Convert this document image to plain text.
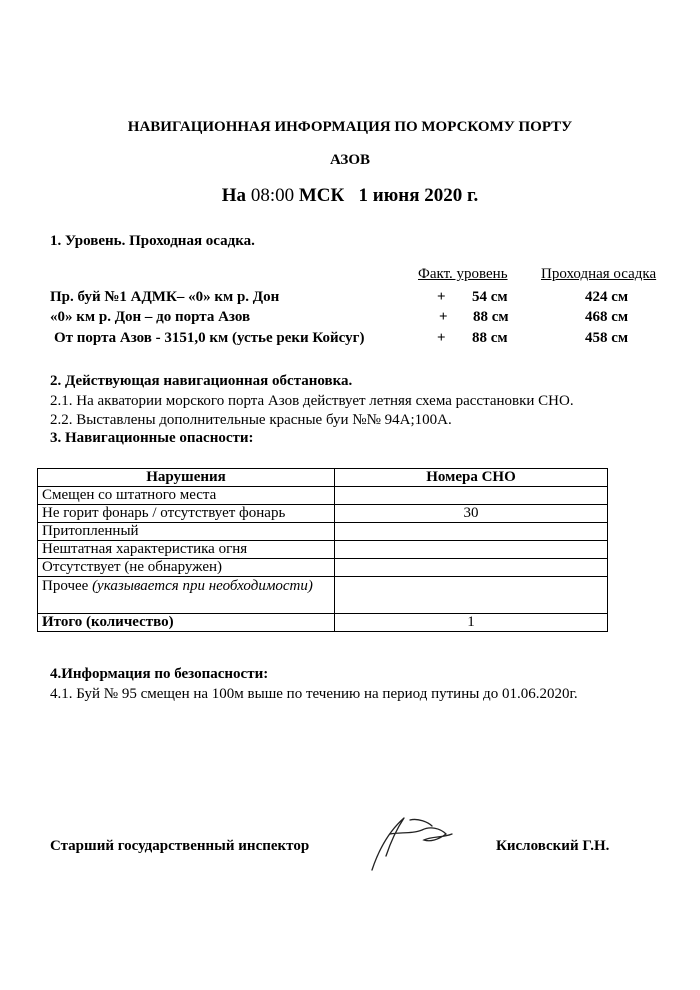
НАВИГАЦИОННАЯ ИНФОРМАЦИЯ ПО МОРСКОМУ ПОРТУ
АЗОВ
На 08:00 МСК 1 июня 2020 г.
1. Уровень. Проходная осадка.
Факт. уровень Проходная осадка
Пр. буй №1 АДМК– «0» км р. Дон	+ 54 см	424 см
«0» км р. Дон – до порта Азов	+ 88 см	468 см
От порта Азов - 3151,0 км (устье реки Койсуг)	+ 88 см	458 см
2. Действующая навигационная обстановка.
2.1. На акватории морского порта Азов действует летняя схема расстановки СНО.
2.2. Выставлены дополнительные красные буи №№ 94А;100А.
3. Навигационные опасности:
Нарушения	Номера СНО
Смещен со штатного места	
Не горит фонарь / отсутствует фонарь	30
Притопленный	
Нештатная характеристика огня	
Отсутствует (не обнаружен)	
Прочее (указывается при необходимости)	
Итого (количество)	1
4.Информация по безопасности:
4.1. Буй № 95 смещен на 100м выше по течению на период путины до 01.06.2020г.
Старший государственный инспектор	Кисловский Г.Н.
